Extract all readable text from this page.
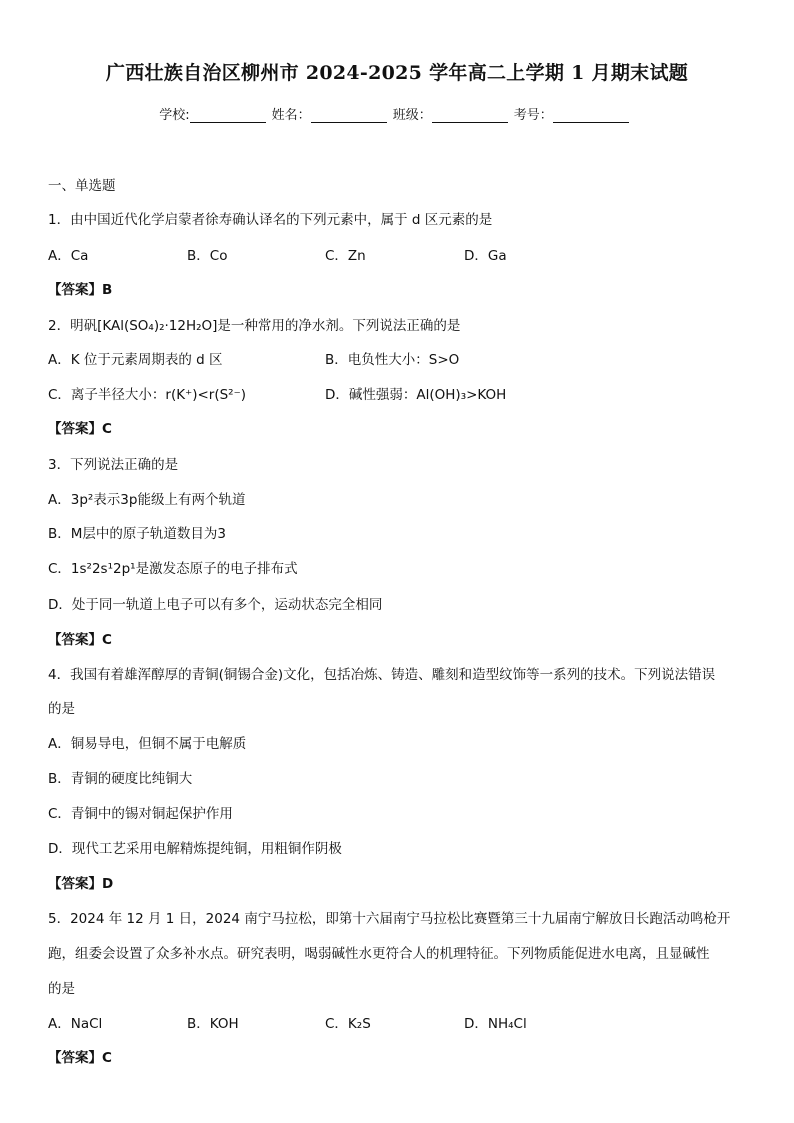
广西壮族自治区柳州市 2024-2025 学年高二上学期 1 月期末试题
学校:	姓名：	班级：	考号：
一、单选题
1．由中国近代化学启蒙者徐寿确认译名的下列元素中，属于 d 区元素的是
A．Ca	B．Co	C．Zn	D．Ga
【答案】B
2．明矾[KAl(SO₄)₂·12H₂O]是一种常用的净水剂。下列说法正确的是
A．K 位于元素周期表的 d 区	B．电负性大小：S>O
C．离子半径大小：r(K⁺)<r(S²⁻)	D．碱性强弱：Al(OH)₃>KOH
【答案】C
3．下列说法正确的是
A．3p²表示3p能级上有两个轨道
B．M层中的原子轨道数目为3
C．1s²2s¹2p¹是激发态原子的电子排布式
D．处于同一轨道上电子可以有多个，运动状态完全相同
【答案】C
4．我国有着雄浑醇厚的青铜(铜锡合金)文化，包括冶炼、铸造、雕刻和造型纹饰等一系列的技术。下列说法错误
的是
A．铜易导电，但铜不属于电解质
B．青铜的硬度比纯铜大
C．青铜中的锡对铜起保护作用
D．现代工艺采用电解精炼提纯铜，用粗铜作阴极
【答案】D
5．2024 年 12 月 1 日，2024 南宁马拉松，即第十六届南宁马拉松比赛暨第三十九届南宁解放日长跑活动鸣枪开
跑，组委会设置了众多补水点。研究表明，喝弱碱性水更符合人的机理特征。下列物质能促进水电离，且显碱性
的是
A．NaCl	B．KOH	C．K₂S	D．NH₄Cl
【答案】C
